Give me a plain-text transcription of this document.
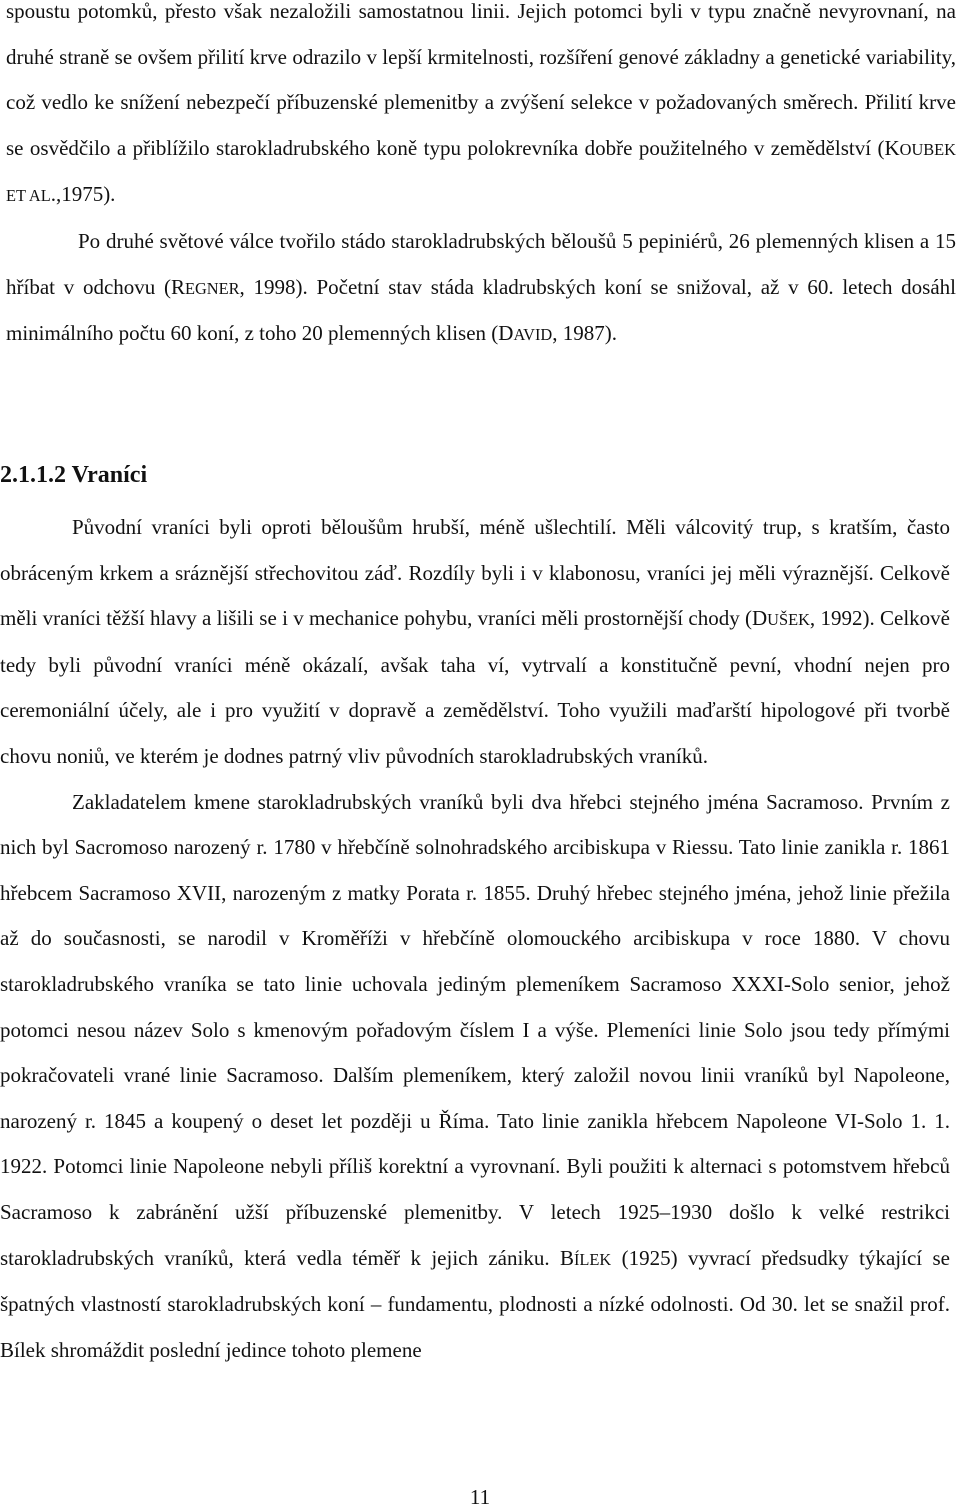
spoustu potomků, přesto však nezaložili samostatnou linii. Jejich potomci byli v typu značně nevyrovnaní, na druhé straně se ovšem přilití krve odrazilo v lepší krmitelnosti, rozšíření genové základny a genetické variability, což vedlo ke snížení nebezpečí příbuzenské plemenitby a zvýšení selekce v požadovaných směrech. Přilití krve se osvědčilo a přiblížilo starokladrubského koně typu polokrevníka dobře použitelného v zemědělství (KOUBEK ET AL.,1975).

Po druhé světové válce tvořilo stádo starokladrubských běloušů 5 pepiniérů, 26 plemenných klisen a 15 hříbat v odchovu (REGNER, 1998). Početní stav stáda kladrubských koní se snižoval, až v 60. letech dosáhl minimálního počtu 60 koní, z toho 20 plemenných klisen (DAVID, 1987).

2.1.1.2 Vraníci

Původní vraníci byli oproti běloušům hrubší, méně ušlechtilí. Měli válcovitý trup, s kratším, často obráceným krkem a sráznější střechovitou záď. Rozdíly byli i v klabonosu, vraníci jej měli výraznější. Celkově měli vraníci těžší hlavy a lišili se i v mechanice pohybu, vraníci měli prostornější chody (DUŠEK, 1992). Celkově tedy byli původní vraníci méně okázalí, avšak taha ví, vytrvalí a konstitučně pevní, vhodní nejen pro ceremoniální účely, ale i pro využití v dopravě a zemědělství. Toho využili maďarští hipologové při tvorbě chovu noniů, ve kterém je dodnes patrný vliv původních starokladrubských vraníků.

Zakladatelem kmene starokladrubských vraníků byli dva hřebci stejného jména Sacramoso. Prvním z nich byl Sacromoso narozený r. 1780 v hřebčíně solnohradského arcibiskupa v Riessu. Tato linie zanikla r. 1861 hřebcem Sacramoso XVII, narozeným z matky Porata r. 1855. Druhý hřebec stejného jména, jehož linie přežila až do současnosti, se narodil v Kroměříži v hřebčíně olomouckého arcibiskupa v roce 1880. V chovu starokladrubského vraníka se tato linie uchovala jediným plemeníkem Sacramoso XXXI-Solo senior, jehož potomci nesou název Solo s kmenovým pořadovým číslem I a výše. Plemeníci linie Solo jsou tedy přímými pokračovateli vrané linie Sacramoso. Dalším plemeníkem, který založil novou linii vraníků byl Napoleone, narozený r. 1845 a koupený o deset let později u Říma. Tato linie zanikla hřebcem Napoleone VI-Solo 1. 1. 1922. Potomci linie Napoleone nebyli příliš korektní a vyrovnaní. Byli použiti k alternaci s potomstvem hřebců Sacramoso k zabránění užší příbuzenské plemenitby. V letech 1925–1930 došlo k velké restrikci starokladrubských vraníků, která vedla téměř k jejich zániku. BÍLEK (1925) vyvrací předsudky týkající se špatných vlastností starokladrubských koní – fundamentu, plodnosti a nízké odolnosti. Od 30. let se snažil prof. Bílek shromáždit poslední jedince tohoto plemene

11
